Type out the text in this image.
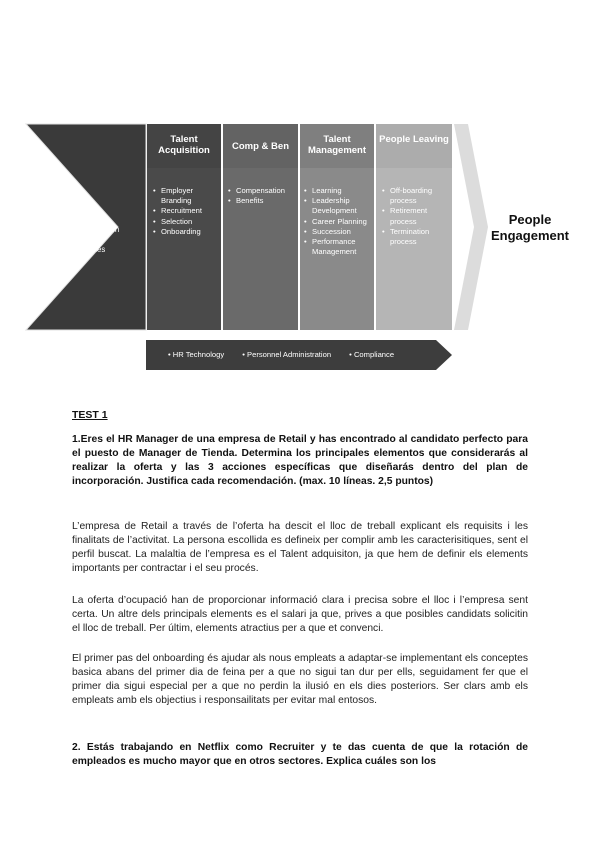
Strategic Framework
• Culture
• Structure
• Listening & Communication Strategy
• HR Policies
Talent Acquisition
• Employer Branding
• Recruitment
• Selection
• Onboarding
Comp & Ben
• Compensation
• Benefits
Talent Management
• Learning
• Leadership Development
• Career Planning
• Succession
• Performance Management
People Leaving
• Off-boarding process
• Retirement process
• Termination process
People Engagement
• HR Technology • Personnel Administration • Compliance
TEST 1
1.Eres el HR Manager de una empresa de Retail y has encontrado al candidato perfecto para el puesto de Manager de Tienda. Determina los principales elementos que considerarás al realizar la oferta y las 3 acciones específicas que diseñarás dentro del plan de incorporación. Justifica cada recomendación. (max. 10 líneas. 2,5 puntos)
L’empresa de Retail a través de l’oferta ha descit el lloc de treball explicant els requisits i les finalitats de l’activitat. La persona escollida es defineix per complir amb les caracterisitiques, sent el perfil buscat. La malaltia de l’empresa es el Talent adquisiton, ja que hem de definir els elements importants per contractar i el seu procés.
La oferta d’ocupació han de proporcionar informació clara i precisa sobre el lloc i l’empresa sent certa. Un altre dels principals elements es el salari ja que, prives a que posibles candidats solicitin el lloc de treball. Per últim, elements atractius per a que et convenci.
El primer pas del onboarding és ajudar als nous empleats a adaptar-se implementant els conceptes basica abans del primer dia de feina per a que no sigui tan dur per ells, seguidament fer que el primer dia sigui especial per a que no perdin la ilusió en els dies posteriors. Ser clars amb els empleats amb els objectius i responsailitats per evitar mal entosos.
2. Estás trabajando en Netflix como Recruiter y te das cuenta de que la rotación de empleados es mucho mayor que en otros sectores. Explica cuáles son los
